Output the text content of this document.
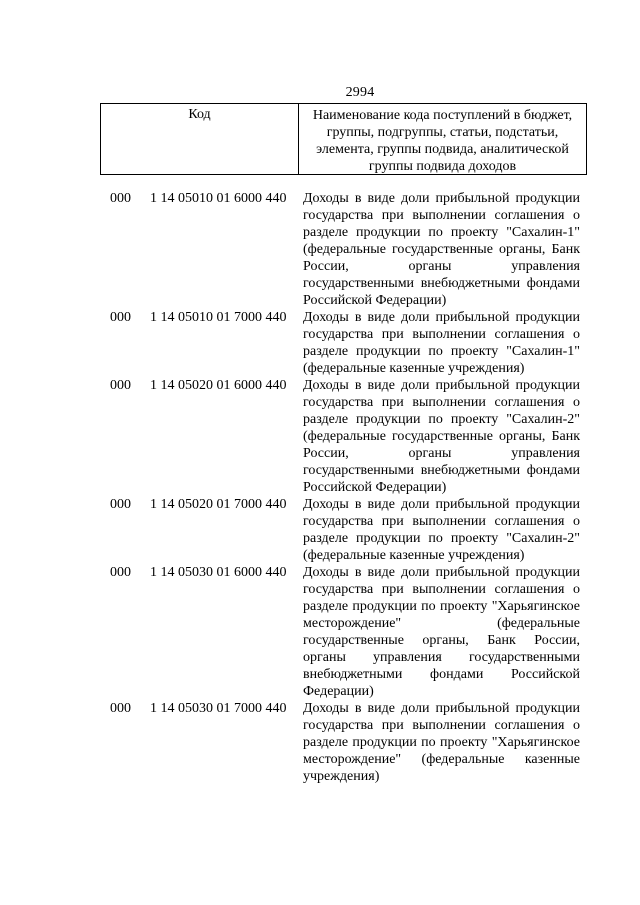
2994
Код	Наименование кода поступлений в бюджет, группы, подгруппы, статьи, подстатьи, элемента, группы подвида, аналитической группы подвида доходов
000 1 14 05010 01 6000 440 Доходы в виде доли прибыльной продукции
государства при выполнении соглашения о
разделе продукции по проекту "Сахалин-1"
(федеральные государственные органы, Банк
России, органы управления
государственными внебюджетными фондами
Российской Федерации)
000 1 14 05010 01 7000 440 Доходы в виде доли прибыльной продукции
государства при выполнении соглашения о
разделе продукции по проекту "Сахалин-1"
(федеральные казенные учреждения)
000 1 14 05020 01 6000 440 Доходы в виде доли прибыльной продукции
государства при выполнении соглашения о
разделе продукции по проекту "Сахалин-2"
(федеральные государственные органы, Банк
России, органы управления
государственными внебюджетными фондами
Российской Федерации)
000 1 14 05020 01 7000 440 Доходы в виде доли прибыльной продукции
государства при выполнении соглашения о
разделе продукции по проекту "Сахалин-2"
(федеральные казенные учреждения)
000 1 14 05030 01 6000 440 Доходы в виде доли прибыльной продукции
государства при выполнении соглашения о
разделе продукции по проекту "Харьягинское
месторождение" (федеральные
государственные органы, Банк России,
органы управления государственными
внебюджетными фондами Российской
Федерации)
000 1 14 05030 01 7000 440 Доходы в виде доли прибыльной продукции
государства при выполнении соглашения о
разделе продукции по проекту "Харьягинское
месторождение" (федеральные казенные
учреждения)
